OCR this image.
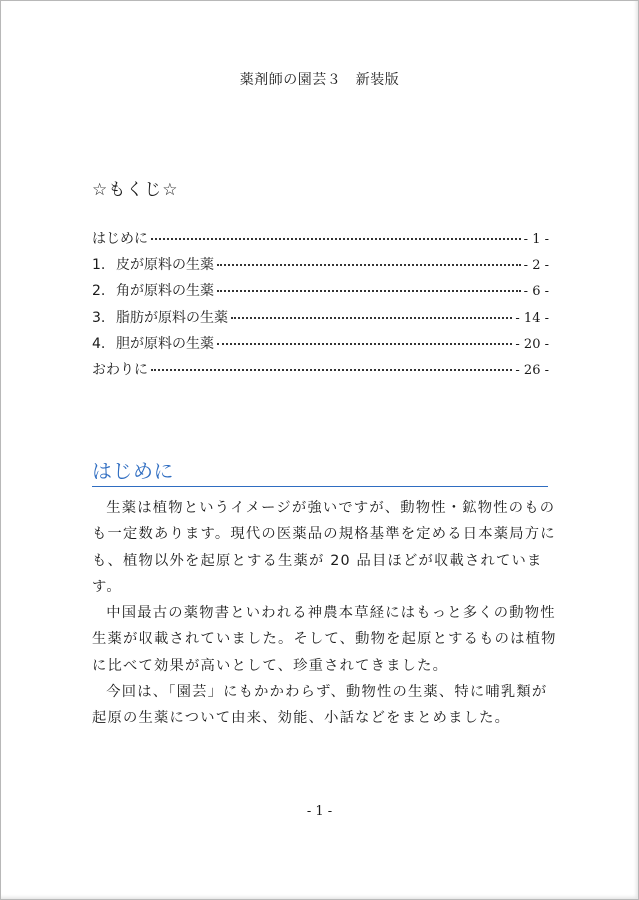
薬剤師の園芸３　新装版
☆もくじ☆
はじめに	- 1 -
1. 皮が原料の生薬	- 2 -
2. 角が原料の生薬	- 6 -
3. 脂肪が原料の生薬	- 14 -
4. 胆が原料の生薬	- 20 -
おわりに	- 26 -
はじめに

生薬は植物というイメージが強いですが、動物性・鉱物性のものも一定数あります。現代の医薬品の規格基準を定める日本薬局方にも、植物以外を起原とする生薬が 20 品目ほどが収載されています。

中国最古の薬物書といわれる神農本草経にはもっと多くの動物性生薬が収載されていました。そして、動物を起原とするものは植物に比べて効果が高いとして、珍重されてきました。

今回は、「園芸」にもかかわらず、動物性の生薬、特に哺乳類が起原の生薬について由来、効能、小話などをまとめました。

- 1 -
